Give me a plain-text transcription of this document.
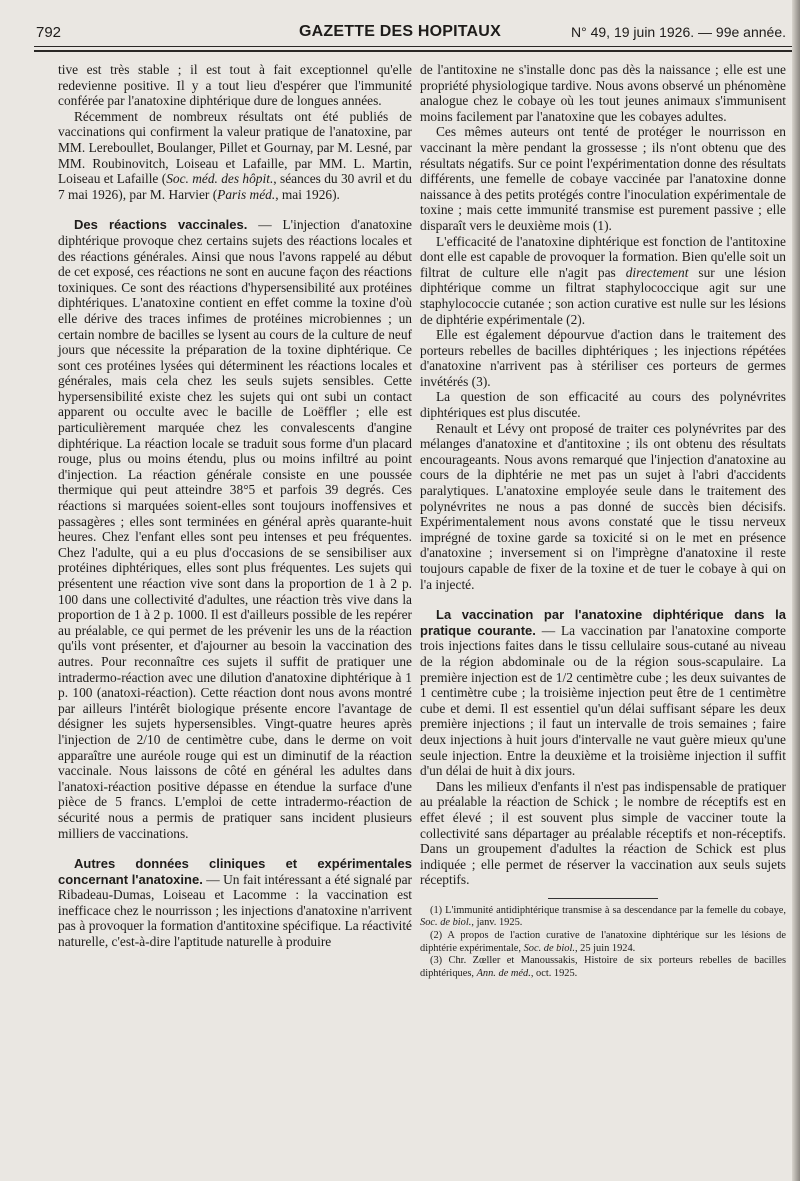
792	GAZETTE DES HOPITAUX	N° 49, 19 juin 1926. — 99e année.

tive est très stable ; il est tout à fait exceptionnel qu'elle redevienne positive. Il y a tout lieu d'espérer que l'immunité conférée par l'anatoxine diphtérique dure de longues années.

Récemment de nombreux résultats ont été publiés de vaccinations qui confirment la valeur pratique de l'anatoxine, par MM. Lereboullet, Boulanger, Pillet et Gournay, par M. Lesné, par MM. Roubinovitch, Loiseau et Lafaille, par MM. L. Martin, Loiseau et Lafaille (Soc. méd. des hôpit., séances du 30 avril et du 7 mai 1926), par M. Harvier (Paris méd., mai 1926).

Des réactions vaccinales. — L'injection d'anatoxine diphtérique provoque chez certains sujets des réactions locales et des réactions générales. Ainsi que nous l'avons rappelé au début de cet exposé, ces réactions ne sont en aucune façon des réactions toxiniques. Ce sont des réactions d'hypersensibilité aux protéines diphtériques. L'anatoxine contient en effet comme la toxine d'où elle dérive des traces infimes de protéines microbiennes ; un certain nombre de bacilles se lysent au cours de la culture de neuf jours que nécessite la préparation de la toxine diphtérique. Ce sont ces protéines lysées qui déterminent les réactions locales et générales, mais cela chez les seuls sujets sensibles. Cette hypersensibilité existe chez les sujets qui ont subi un contact apparent ou occulte avec le bacille de Loëffler ; elle est particulièrement marquée chez les convalescents d'angine diphtérique. La réaction locale se traduit sous forme d'un placard rouge, plus ou moins étendu, plus ou moins infiltré au point d'injection. La réaction générale consiste en une poussée thermique qui peut atteindre 38°5 et parfois 39 degrés. Ces réactions si marquées soient-elles sont toujours inoffensives et passagères ; elles sont terminées en général après quarante-huit heures. Chez l'enfant elles sont peu intenses et peu fréquentes. Chez l'adulte, qui a eu plus d'occasions de se sensibiliser aux protéines diphtériques, elles sont plus fréquentes. Les sujets qui présentent une réaction vive sont dans la proportion de 1 à 2 p. 100 dans une collectivité d'adultes, une réaction très vive dans la proportion de 1 à 2 p. 1000. Il est d'ailleurs possible de les repérer au préalable, ce qui permet de les prévenir les uns de la réaction qu'ils vont présenter, et d'ajourner au besoin la vaccination des autres. Pour reconnaître ces sujets il suffit de pratiquer une intradermo-réaction avec une dilution d'anatoxine diphtérique à 1 p. 100 (anatoxi-réaction). Cette réaction dont nous avons montré par ailleurs l'intérêt biologique présente encore l'avantage de désigner les sujets hypersensibles. Vingt-quatre heures après l'injection de 2/10 de centimètre cube, dans le derme on voit apparaître une auréole rouge qui est un diminutif de la réaction vaccinale. Nous laissons de côté en général les adultes dans l'anatoxi-réaction positive dépasse en étendue la surface d'une pièce de 5 francs. L'emploi de cette intradermo-réaction de sécurité nous a permis de pratiquer sans incident plusieurs milliers de vaccinations.

Autres données cliniques et expérimentales concernant l'anatoxine. — Un fait intéressant a été signalé par Ribadeau-Dumas, Loiseau et Lacomme : la vaccination est inefficace chez le nourrisson ; les injections d'anatoxine n'arrivent pas à provoquer la formation d'antitoxine spécifique. La réactivité naturelle, c'est-à-dire l'aptitude naturelle à produire

de l'antitoxine ne s'installe donc pas dès la naissance ; elle est une propriété physiologique tardive. Nous avons observé un phénomène analogue chez le cobaye où les tout jeunes animaux s'immunisent moins facilement par l'anatoxine que les cobayes adultes.

Ces mêmes auteurs ont tenté de protéger le nourrisson en vaccinant la mère pendant la grossesse ; ils n'ont obtenu que des résultats négatifs. Sur ce point l'expérimentation donne des résultats différents, une femelle de cobaye vaccinée par l'anatoxine donne naissance à des petits protégés contre l'inoculation expérimentale de toxine ; mais cette immunité transmise est purement passive ; elle disparaît vers le deuxième mois (1).

L'efficacité de l'anatoxine diphtérique est fonction de l'antitoxine dont elle est capable de provoquer la formation. Bien qu'elle soit un filtrat de culture elle n'agit pas directement sur une lésion diphtérique comme un filtrat staphylococcique agit sur une staphylococcie cutanée ; son action curative est nulle sur les lésions de diphtérie expérimentale (2).

Elle est également dépourvue d'action dans le traitement des porteurs rebelles de bacilles diphtériques ; les injections répétées d'anatoxine n'arrivent pas à stériliser ces porteurs de germes invétérés (3).

La question de son efficacité au cours des polynévrites diphtériques est plus discutée.

Renault et Lévy ont proposé de traiter ces polynévrites par des mélanges d'anatoxine et d'antitoxine ; ils ont obtenu des résultats encourageants. Nous avons remarqué que l'injection d'anatoxine au cours de la diphtérie ne met pas un sujet à l'abri d'accidents paralytiques. L'anatoxine employée seule dans le traitement des polynévrites ne nous a pas donné de succès bien décisifs. Expérimentalement nous avons constaté que le tissu nerveux imprégné de toxine garde sa toxicité si on le met en présence d'anatoxine ; inversement si on l'imprègne d'anatoxine il reste toujours capable de fixer de la toxine et de tuer le cobaye à qui on l'a injecté.

La vaccination par l'anatoxine diphtérique dans la pratique courante. — La vaccination par l'anatoxine comporte trois injections faites dans le tissu cellulaire sous-cutané au niveau de la région abdominale ou de la région sous-scapulaire. La première injection est de 1/2 centimètre cube ; les deux suivantes de 1 centimètre cube ; la troisième injection peut être de 1 centimètre cube et demi. Il est essentiel qu'un délai suffisant sépare les deux première injections ; il faut un intervalle de trois semaines ; faire deux injections à huit jours d'intervalle ne vaut guère mieux qu'une seule injection. Entre la deuxième et la troisième injection il suffit d'un délai de huit à dix jours.

Dans les milieux d'enfants il n'est pas indispensable de pratiquer au préalable la réaction de Schick ; le nombre de réceptifs est en effet élevé ; il est souvent plus simple de vacciner toute la collectivité sans départager au préalable réceptifs et non-réceptifs. Dans un groupement d'adultes la réaction de Schick est plus indiquée ; elle permet de réserver la vaccination aux seuls sujets réceptifs.

(1) L'immunité antidiphtérique transmise à sa descendance par la femelle du cobaye, Soc. de biol., janv. 1925.

(2) A propos de l'action curative de l'anatoxine diphtérique sur les lésions de diphtérie expérimentale, Soc. de biol., 25 juin 1924.

(3) Chr. Zœller et Manoussakis, Histoire de six porteurs rebelles de bacilles diphtériques, Ann. de méd., oct. 1925.
